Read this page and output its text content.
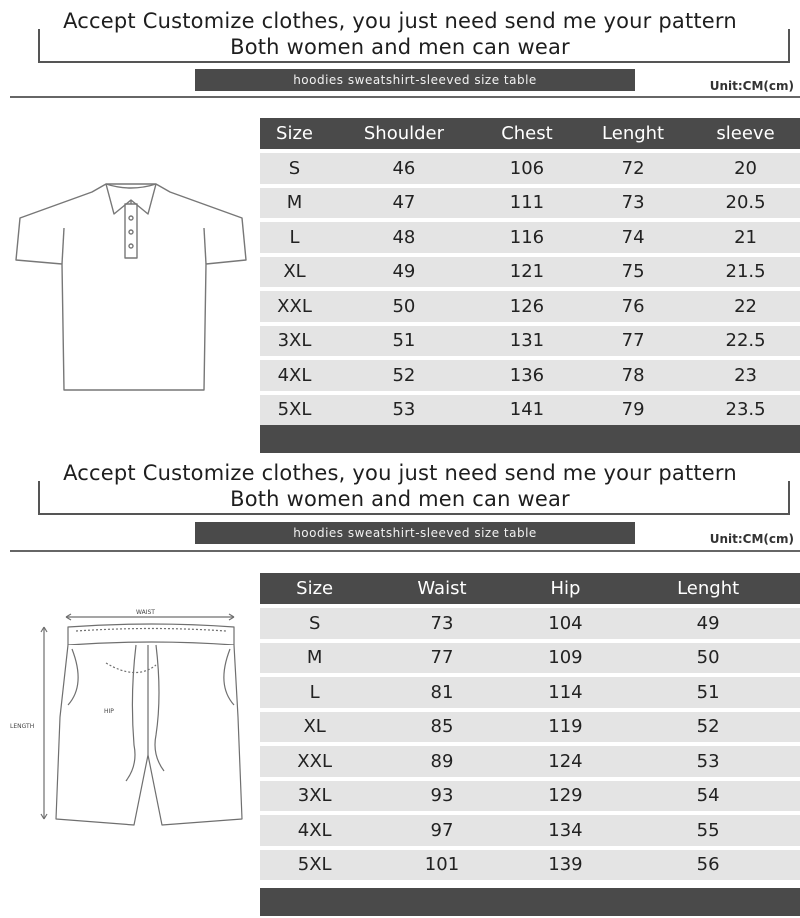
Accept Customize clothes, you just need send me your pattern
Both women and men can wear
hoodies sweatshirt-sleeved size table	Unit:CM(cm)
Size	Shoulder	Chest	Lenght	sleeve
S	46	106	72	20
M	47	111	73	20.5
L	48	116	74	21
XL	49	121	75	21.5
XXL	50	126	76	22
3XL	51	131	77	22.5
4XL	52	136	78	23
5XL	53	141	79	23.5
Accept Customize clothes, you just need send me your pattern
Both women and men can wear
hoodies sweatshirt-sleeved size table	Unit:CM(cm)
WAIST
HIP
LENGTH
Size	Waist	Hip	Lenght	
S	73	104	49	
M	77	109	50	
L	81	114	51	
XL	85	119	52	
XXL	89	124	53	
3XL	93	129	54	
4XL	97	134	55	
5XL	101	139	56	
